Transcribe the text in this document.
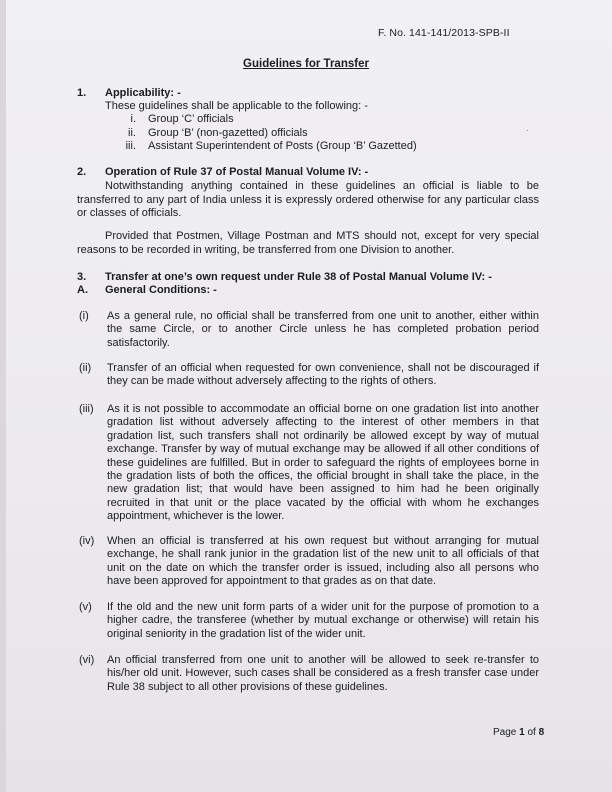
F. No. 141-141/2013-SPB-II
Guidelines for Transfer
1. Applicability: -
These guidelines shall be applicable to the following: -
i.	Group ‘C’ officials
ii.	Group ‘B’ (non-gazetted) officials
iii.	Assistant Superintendent of Posts (Group ‘B’ Gazetted)
2. Operation of Rule 37 of Postal Manual Volume IV: -
Notwithstanding anything contained in these guidelines an official is liable to be transferred to any part of India unless it is expressly ordered otherwise for any particular class or classes of officials.
Provided that Postmen, Village Postman and MTS should not, except for very special reasons to be recorded in writing, be transferred from one Division to another.
3. Transfer at one’s own request under Rule 38 of Postal Manual Volume IV: -
A. General Conditions: -
(i) As a general rule, no official shall be transferred from one unit to another, either within the same Circle, or to another Circle unless he has completed probation period satisfactorily.
(ii) Transfer of an official when requested for own convenience, shall not be discouraged if they can be made without adversely affecting to the rights of others.
(iii) As it is not possible to accommodate an official borne on one gradation list into another gradation list without adversely affecting to the interest of other members in that gradation list, such transfers shall not ordinarily be allowed except by way of mutual exchange. Transfer by way of mutual exchange may be allowed if all other conditions of these guidelines are fulfilled. But in order to safeguard the rights of employees borne in the gradation lists of both the offices, the official brought in shall take the place, in the new gradation list; that would have been assigned to him had he been originally recruited in that unit or the place vacated by the official with whom he exchanges appointment, whichever is the lower.
(iv) When an official is transferred at his own request but without arranging for mutual exchange, he shall rank junior in the gradation list of the new unit to all officials of that unit on the date on which the transfer order is issued, including also all persons who have been approved for appointment to that grades as on that date.
(v) If the old and the new unit form parts of a wider unit for the purpose of promotion to a higher cadre, the transferee (whether by mutual exchange or otherwise) will retain his original seniority in the gradation list of the wider unit.
(vi) An official transferred from one unit to another will be allowed to seek re-transfer to his/her old unit. However, such cases shall be considered as a fresh transfer case under Rule 38 subject to all other provisions of these guidelines.
Page 1 of 8
·
